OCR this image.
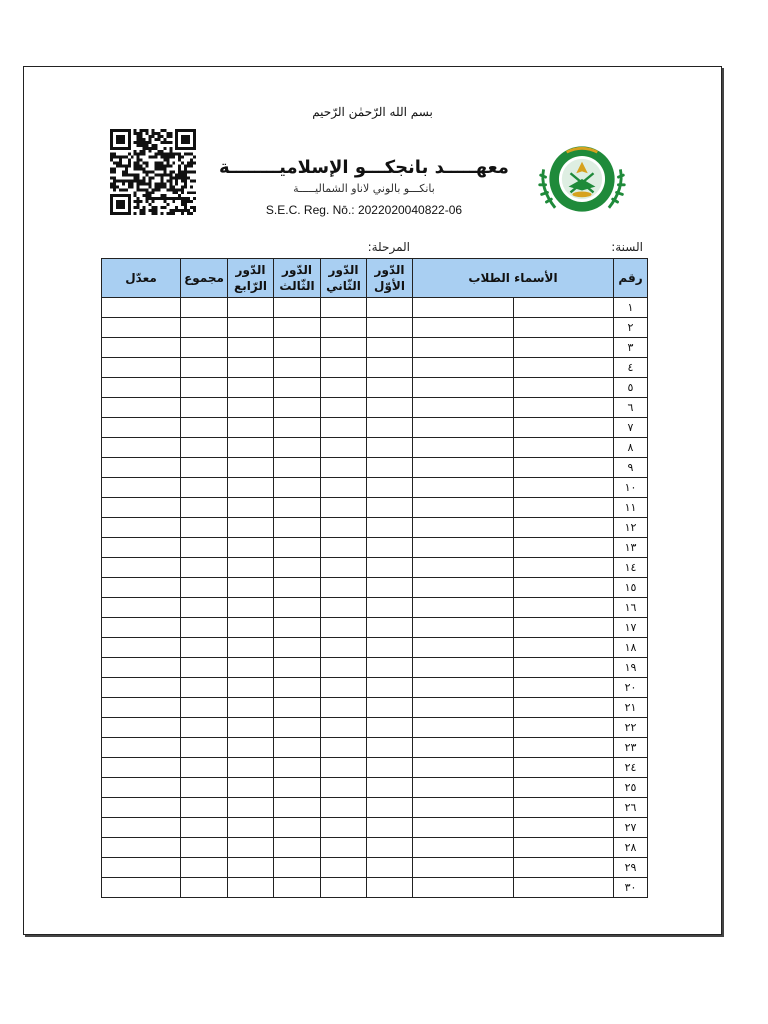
بسم الله الرّحمٰن الرّحيم
معهـــــد بانجكـــو الإسلاميــــــــة
بانكـــو بالوني لاناو الشماليـــــة
S.E.C. Reg. Nō.: 2022020040822-06
السنة:
المرحلة:
رقم	الأسماء الطلاب		الدّور الأوّل	الدّور الثّاني	الدّور الثّالث	الدّور الرّابع	مجموع	معدّل
١								
٢								
٣								
٤								
٥								
٦								
٧								
٨								
٩								
١٠								
١١								
١٢								
١٣								
١٤								
١٥								
١٦								
١٧								
١٨								
١٩								
٢٠								
٢١								
٢٢								
٢٣								
٢٤								
٢٥								
٢٦								
٢٧								
٢٨								
٢٩								
٣٠								
